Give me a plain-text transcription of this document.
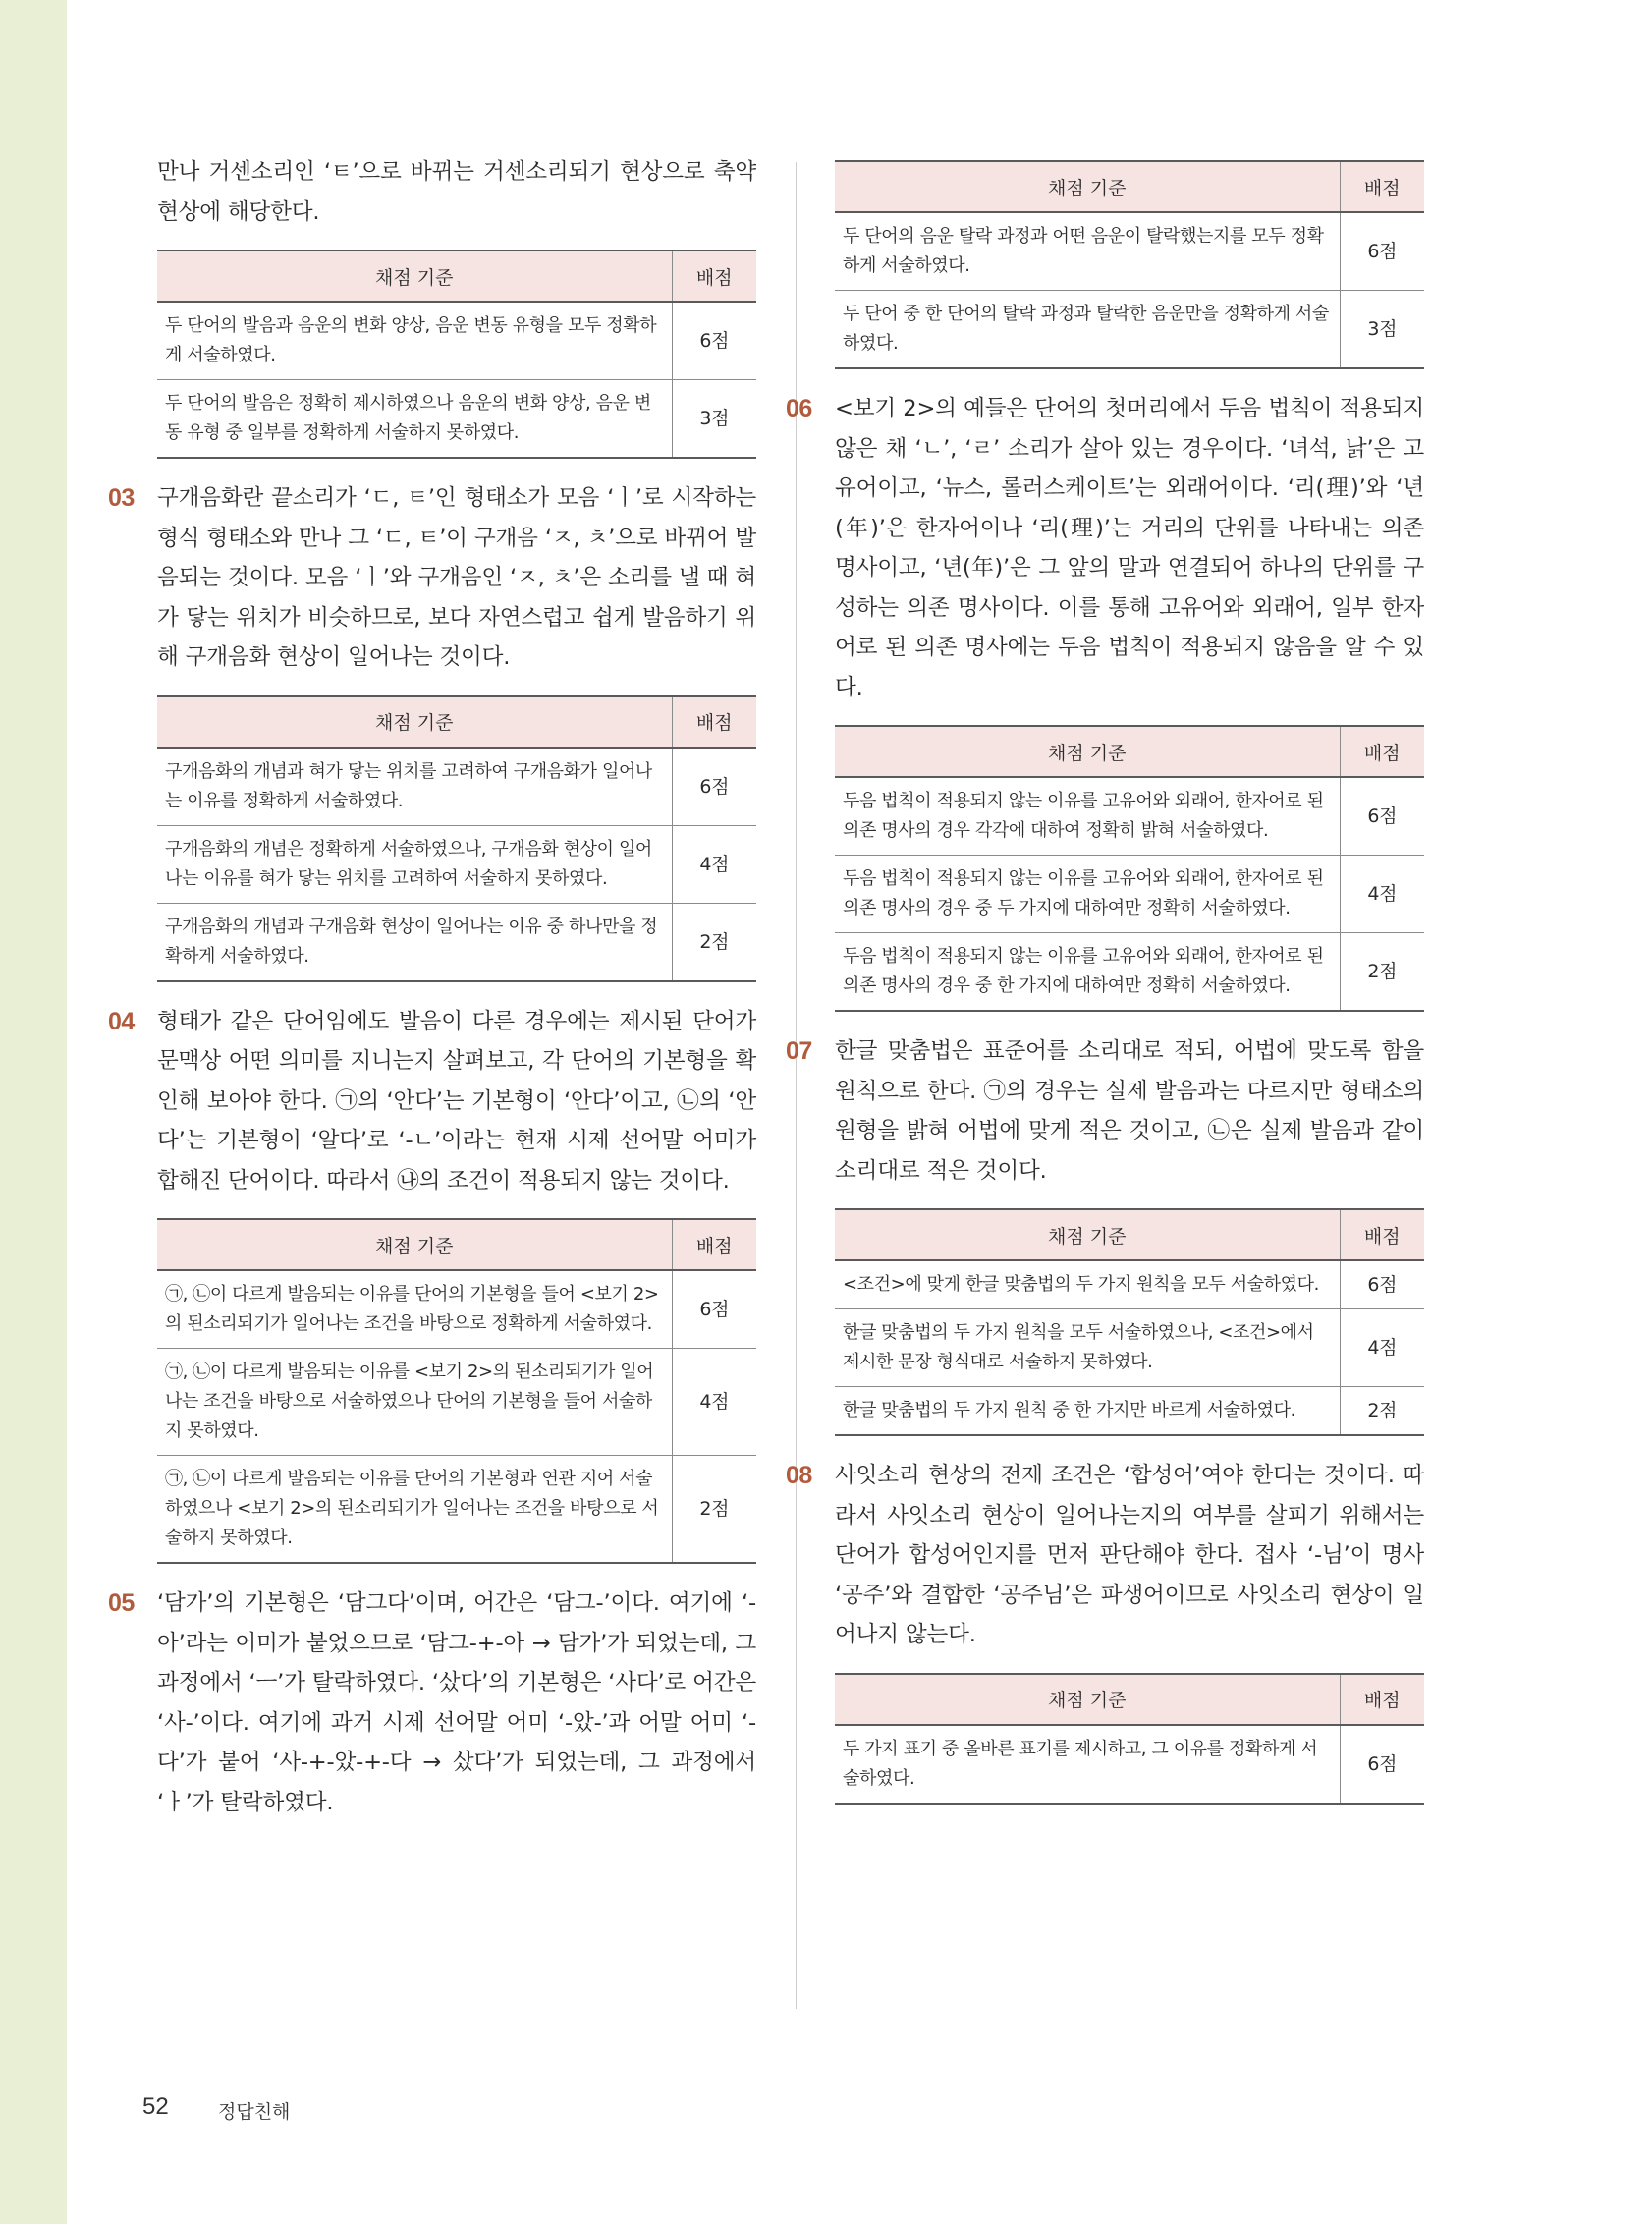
만나 거센소리인 ‘ㅌ’으로 바뀌는 거센소리되기 현상으로 축약 현상에 해당한다.

채점 기준	배점
두 단어의 발음과 음운의 변화 양상, 음운 변동 유형을 모두 정확하게 서술하였다.	6점
두 단어의 발음은 정확히 제시하였으나 음운의 변화 양상, 음운 변동 유형 중 일부를 정확하게 서술하지 못하였다.	3점

03 구개음화란 끝소리가 ‘ㄷ, ㅌ’인 형태소가 모음 ‘ㅣ’로 시작하는 형식 형태소와 만나 그 ‘ㄷ, ㅌ’이 구개음 ‘ㅈ, ㅊ’으로 바뀌어 발음되는 것이다. 모음 ‘ㅣ’와 구개음인 ‘ㅈ, ㅊ’은 소리를 낼 때 혀가 닿는 위치가 비슷하므로, 보다 자연스럽고 쉽게 발음하기 위해 구개음화 현상이 일어나는 것이다.

채점 기준	배점
구개음화의 개념과 혀가 닿는 위치를 고려하여 구개음화가 일어나는 이유를 정확하게 서술하였다.	6점
구개음화의 개념은 정확하게 서술하였으나, 구개음화 현상이 일어나는 이유를 혀가 닿는 위치를 고려하여 서술하지 못하였다.	4점
구개음화의 개념과 구개음화 현상이 일어나는 이유 중 하나만을 정확하게 서술하였다.	2점

04 형태가 같은 단어임에도 발음이 다른 경우에는 제시된 단어가 문맥상 어떤 의미를 지니는지 살펴보고, 각 단어의 기본형을 확인해 보아야 한다. ㉠의 ‘안다’는 기본형이 ‘안다’이고, ㉡의 ‘안다’는 기본형이 ‘알다’로 ‘-ㄴ’이라는 현재 시제 선어말 어미가 합해진 단어이다. 따라서 ㉯의 조건이 적용되지 않는 것이다.

채점 기준	배점
㉠, ㉡이 다르게 발음되는 이유를 단어의 기본형을 들어 <보기 2>의 된소리되기가 일어나는 조건을 바탕으로 정확하게 서술하였다.	6점
㉠, ㉡이 다르게 발음되는 이유를 <보기 2>의 된소리되기가 일어나는 조건을 바탕으로 서술하였으나 단어의 기본형을 들어 서술하지 못하였다.	4점
㉠, ㉡이 다르게 발음되는 이유를 단어의 기본형과 연관 지어 서술하였으나 <보기 2>의 된소리되기가 일어나는 조건을 바탕으로 서술하지 못하였다.	2점

05 ‘담가’의 기본형은 ‘담그다’이며, 어간은 ‘담그-’이다. 여기에 ‘-아’라는 어미가 붙었으므로 ‘담그-+-아 → 담가’가 되었는데, 그 과정에서 ‘ㅡ’가 탈락하였다. ‘샀다’의 기본형은 ‘사다’로 어간은 ‘사-’이다. 여기에 과거 시제 선어말 어미 ‘-았-’과 어말 어미 ‘-다’가 붙어 ‘사-+-았-+-다 → 샀다’가 되었는데, 그 과정에서 ‘ㅏ’가 탈락하였다.

채점 기준	배점
두 단어의 음운 탈락 과정과 어떤 음운이 탈락했는지를 모두 정확하게 서술하였다.	6점
두 단어 중 한 단어의 탈락 과정과 탈락한 음운만을 정확하게 서술하였다.	3점

06 <보기 2>의 예들은 단어의 첫머리에서 두음 법칙이 적용되지 않은 채 ‘ㄴ’, ‘ㄹ’ 소리가 살아 있는 경우이다. ‘녀석, 낡’은 고유어이고, ‘뉴스, 롤러스케이트’는 외래어이다. ‘리(理)’와 ‘년(年)’은 한자어이나 ‘리(理)’는 거리의 단위를 나타내는 의존 명사이고, ‘년(年)’은 그 앞의 말과 연결되어 하나의 단위를 구성하는 의존 명사이다. 이를 통해 고유어와 외래어, 일부 한자어로 된 의존 명사에는 두음 법칙이 적용되지 않음을 알 수 있다.

채점 기준	배점
두음 법칙이 적용되지 않는 이유를 고유어와 외래어, 한자어로 된 의존 명사의 경우 각각에 대하여 정확히 밝혀 서술하였다.	6점
두음 법칙이 적용되지 않는 이유를 고유어와 외래어, 한자어로 된 의존 명사의 경우 중 두 가지에 대하여만 정확히 서술하였다.	4점
두음 법칙이 적용되지 않는 이유를 고유어와 외래어, 한자어로 된 의존 명사의 경우 중 한 가지에 대하여만 정확히 서술하였다.	2점

07 한글 맞춤법은 표준어를 소리대로 적되, 어법에 맞도록 함을 원칙으로 한다. ㉠의 경우는 실제 발음과는 다르지만 형태소의 원형을 밝혀 어법에 맞게 적은 것이고, ㉡은 실제 발음과 같이 소리대로 적은 것이다.

채점 기준	배점
<조건>에 맞게 한글 맞춤법의 두 가지 원칙을 모두 서술하였다.	6점
한글 맞춤법의 두 가지 원칙을 모두 서술하였으나, <조건>에서 제시한 문장 형식대로 서술하지 못하였다.	4점
한글 맞춤법의 두 가지 원칙 중 한 가지만 바르게 서술하였다.	2점

08 사잇소리 현상의 전제 조건은 ‘합성어’여야 한다는 것이다. 따라서 사잇소리 현상이 일어나는지의 여부를 살피기 위해서는 단어가 합성어인지를 먼저 판단해야 한다. 접사 ‘-님’이 명사 ‘공주’와 결합한 ‘공주님’은 파생어이므로 사잇소리 현상이 일어나지 않는다.

채점 기준	배점
두 가지 표기 중 올바른 표기를 제시하고, 그 이유를 정확하게 서술하였다.	6점
52	정답친해
